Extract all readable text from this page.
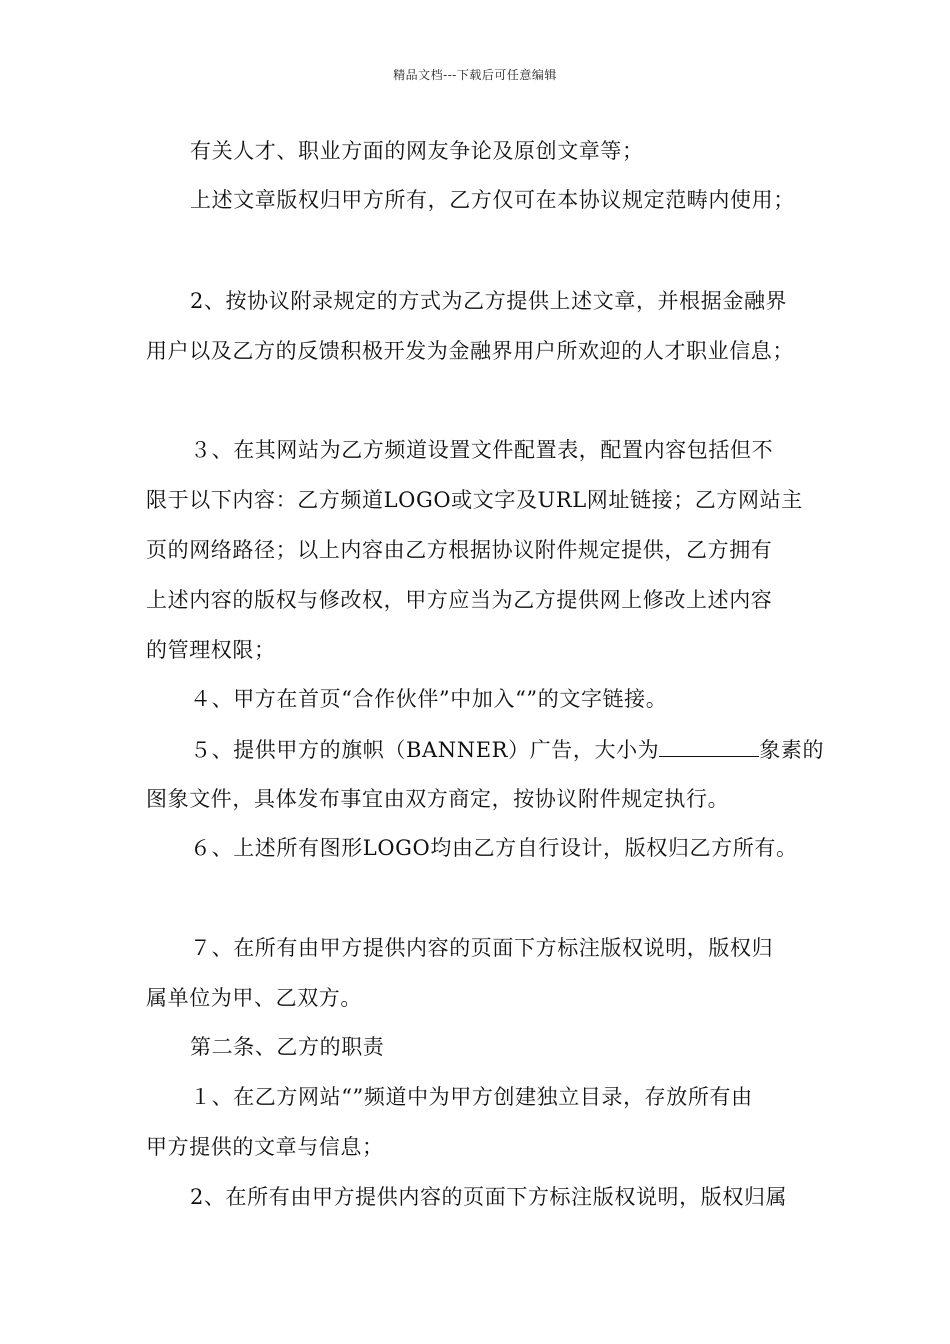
精品文档---下载后可任意编辑
有关人才、职业方面的网友争论及原创文章等；
上述文章版权归甲方所有，乙方仅可在本协议规定范畴内使用；
2、按协议附录规定的方式为乙方提供上述文章，并根据金融界
用户以及乙方的反馈积极开发为金融界用户所欢迎的人才职业信息；
３、在其网站为乙方频道设置文件配置表，配置内容包括但不
限于以下内容：乙方频道LOGO或文字及URL网址链接；乙方网站主
页的网络路径；以上内容由乙方根据协议附件规定提供，乙方拥有
上述内容的版权与修改权，甲方应当为乙方提供网上修改上述内容
的管理权限；
４、甲方在首页“合作伙伴”中加入“”的文字链接。
５、提供甲方的旗帜（BANNER）广告，大小为	象素的
图象文件，具体发布事宜由双方商定，按协议附件规定执行。
６、上述所有图形LOGO均由乙方自行设计，版权归乙方所有。
７、在所有由甲方提供内容的页面下方标注版权说明，版权归
属单位为甲、乙双方。
第二条、乙方的职责
１、在乙方网站“”频道中为甲方创建独立目录，存放所有由
甲方提供的文章与信息；
2、在所有由甲方提供内容的页面下方标注版权说明，版权归属
